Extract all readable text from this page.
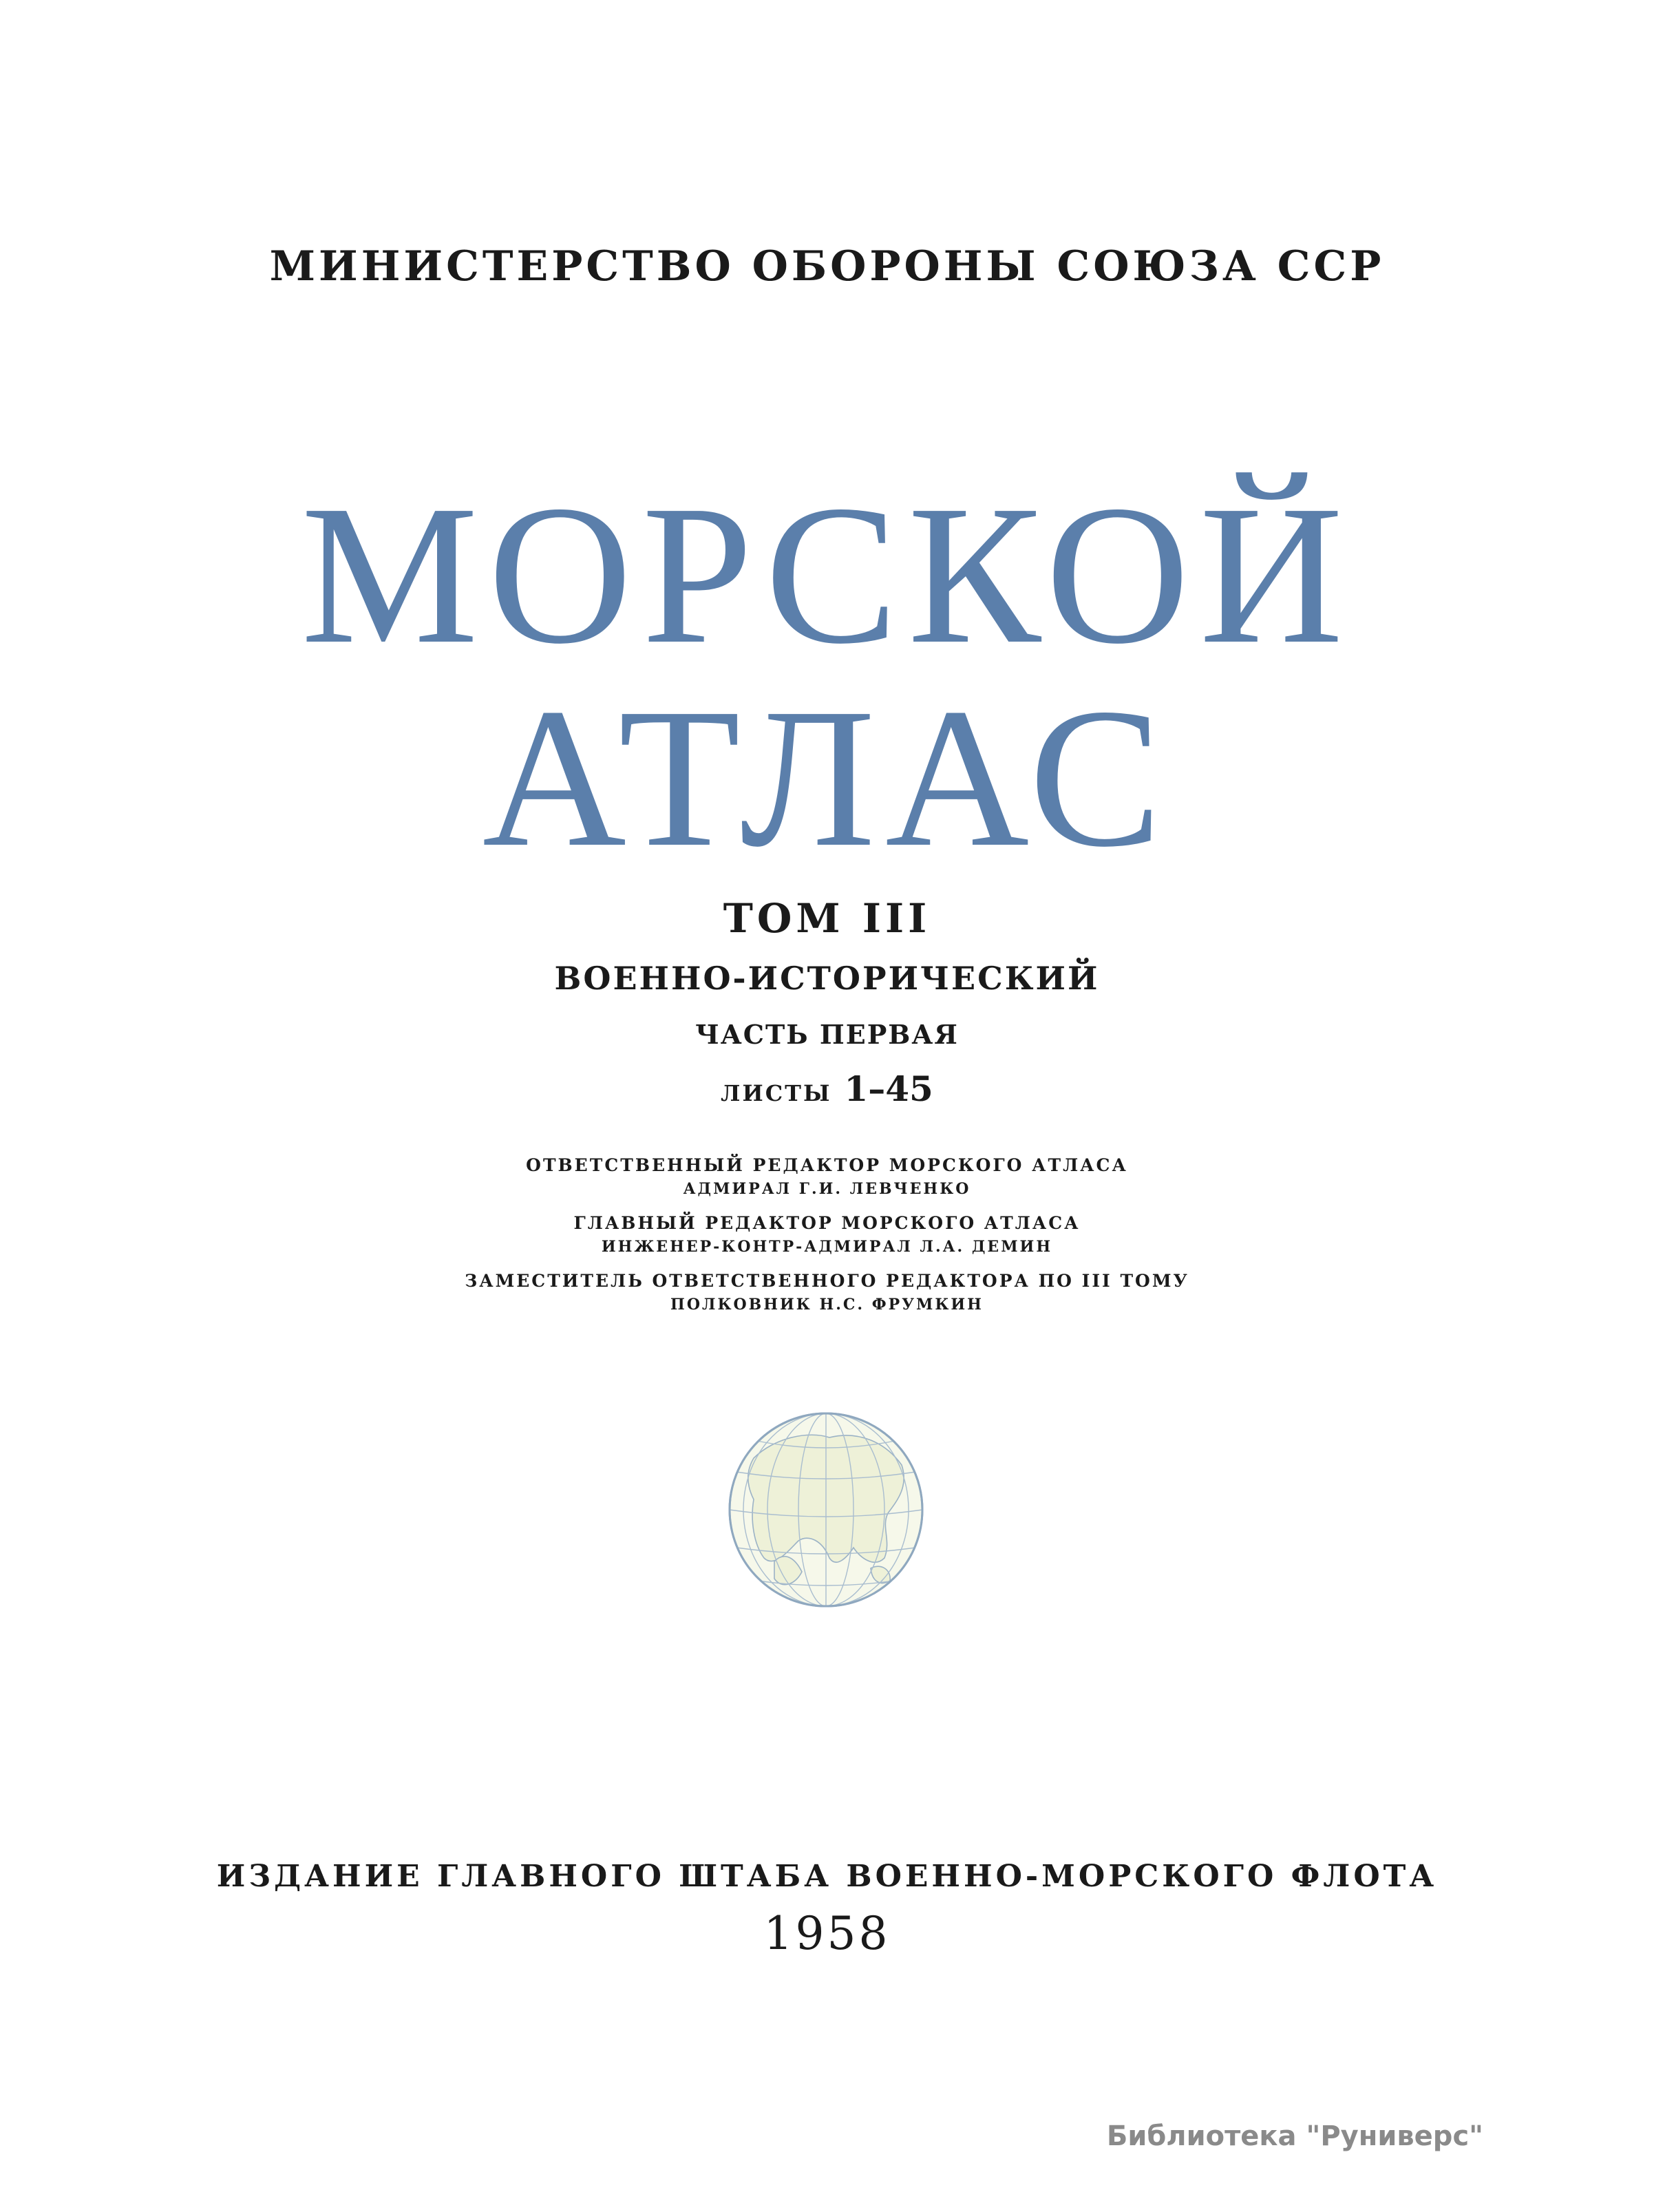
МИНИСТЕРСТВО ОБОРОНЫ СОЮЗА ССР
МОРСКОЙ
АТЛАС
ТОМ III
ВОЕННО-ИСТОРИЧЕСКИЙ
ЧАСТЬ ПЕРВАЯ
ЛИСТЫ 1–45
ОТВЕТСТВЕННЫЙ РЕДАКТОР МОРСКОГО АТЛАСА
АДМИРАЛ Г.И. ЛЕВЧЕНКО
ГЛАВНЫЙ РЕДАКТОР МОРСКОГО АТЛАСА
ИНЖЕНЕР-КОНТР-АДМИРАЛ Л.А. ДЕМИН
ЗАМЕСТИТЕЛЬ ОТВЕТСТВЕННОГО РЕДАКТОРА ПО III ТОМУ
ПОЛКОВНИК Н.С. ФРУМКИН
ИЗДАНИЕ ГЛАВНОГО ШТАБА ВОЕННО-МОРСКОГО ФЛОТА
1958
Библиотека "Руниверс"
